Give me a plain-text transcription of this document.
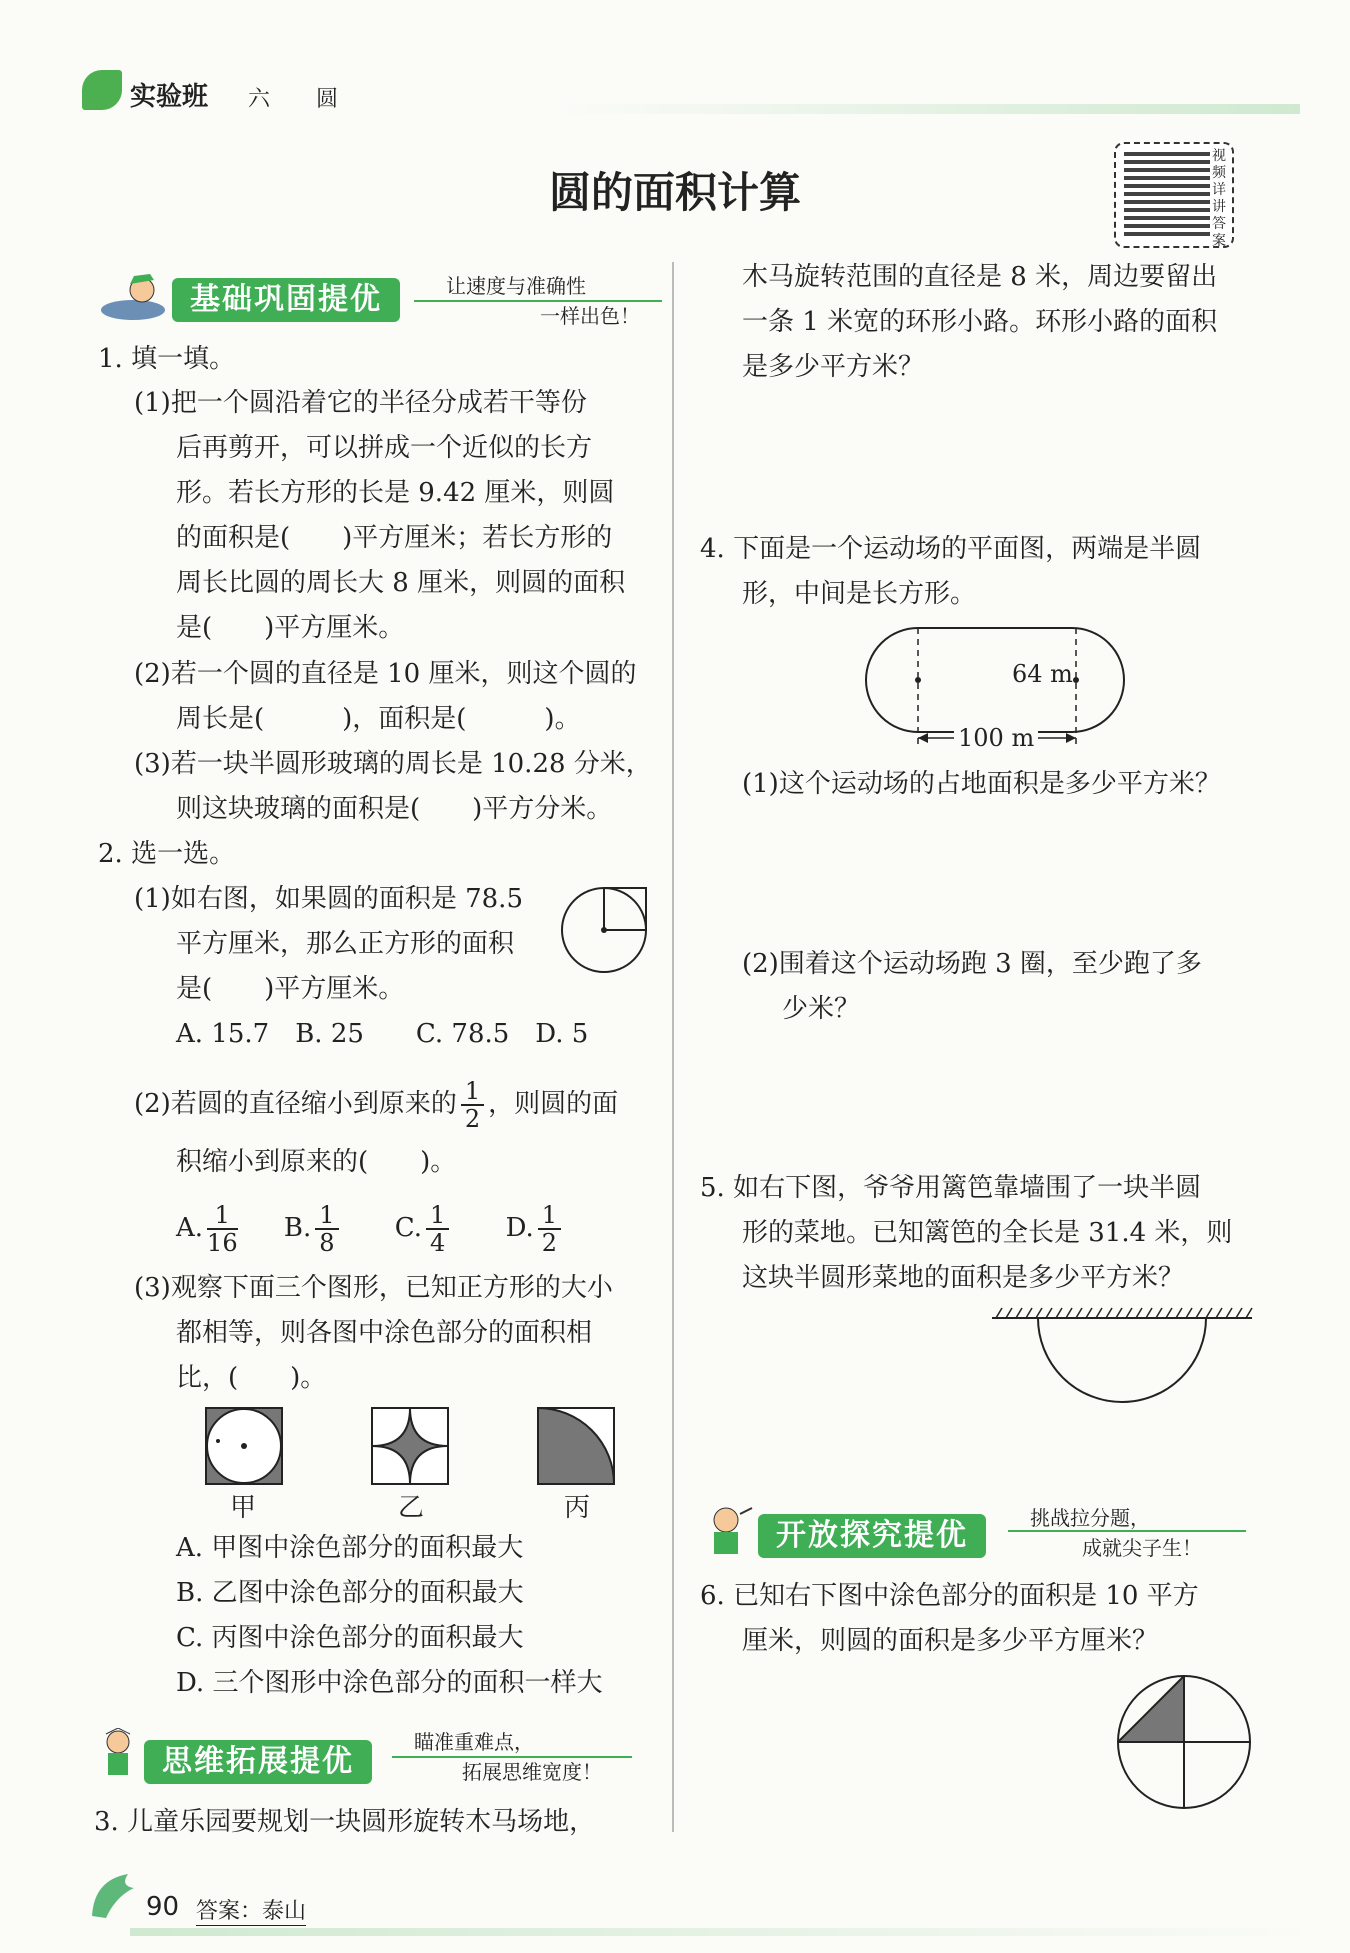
实验班 六　圆
圆的面积计算
视频详讲答案
基础巩固提优	让速度与准确性
一样出色！
1. 填一填。
(1)把一个圆沿着它的半径分成若干等份
后再剪开，可以拼成一个近似的长方
形。若长方形的长是 9.42 厘米，则圆
的面积是(　　)平方厘米；若长方形的
周长比圆的周长大 8 厘米，则圆的面积
是(　　)平方厘米。
(2)若一个圆的直径是 10 厘米，则这个圆的
周长是(　　　)，面积是(　　　)。
(3)若一块半圆形玻璃的周长是 10.28 分米，
则这块玻璃的面积是(　　)平方分米。
2. 选一选。
(1)如右图，如果圆的面积是 78.5
平方厘米，那么正方形的面积
是(　　)平方厘米。
A. 15.7　B. 25　　C. 78.5　D. 5
(2)若圆的直径缩小到原来的 $\frac{1}{2}$ ，则圆的面
积缩小到原来的(　　)。
A. $\frac{1}{16} B$. $\frac{1}{8} C$. $\frac{1}{4} D$. $\frac{1}{2}$
(3)观察下面三个图形，已知正方形的大小
都相等，则各图中涂色部分的面积相
比，(　　)。
甲	乙	丙
A. 甲图中涂色部分的面积最大
B. 乙图中涂色部分的面积最大
C. 丙图中涂色部分的面积最大
D. 三个图形中涂色部分的面积一样大
思维拓展提优
瞄准重难点，
拓展思维宽度！
3. 儿童乐园要规划一块圆形旋转木马场地，
木马旋转范围的直径是 8 米，周边要留出
一条 1 米宽的环形小路。环形小路的面积
是多少平方米？
4. 下面是一个运动场的平面图，两端是半圆
形，中间是长方形。
64 m
100 m
(1)这个运动场的占地面积是多少平方米？
(2)围着这个运动场跑 3 圈，至少跑了多
少米？
5. 如右下图，爷爷用篱笆靠墙围了一块半圆
形的菜地。已知篱笆的全长是 31.4 米，则
这块半圆形菜地的面积是多少平方米？
开放探究提优	挑战拉分题，
成就尖子生！
6. 已知右下图中涂色部分的面积是 10 平方
厘米，则圆的面积是多少平方厘米？
90 答案：泰山
